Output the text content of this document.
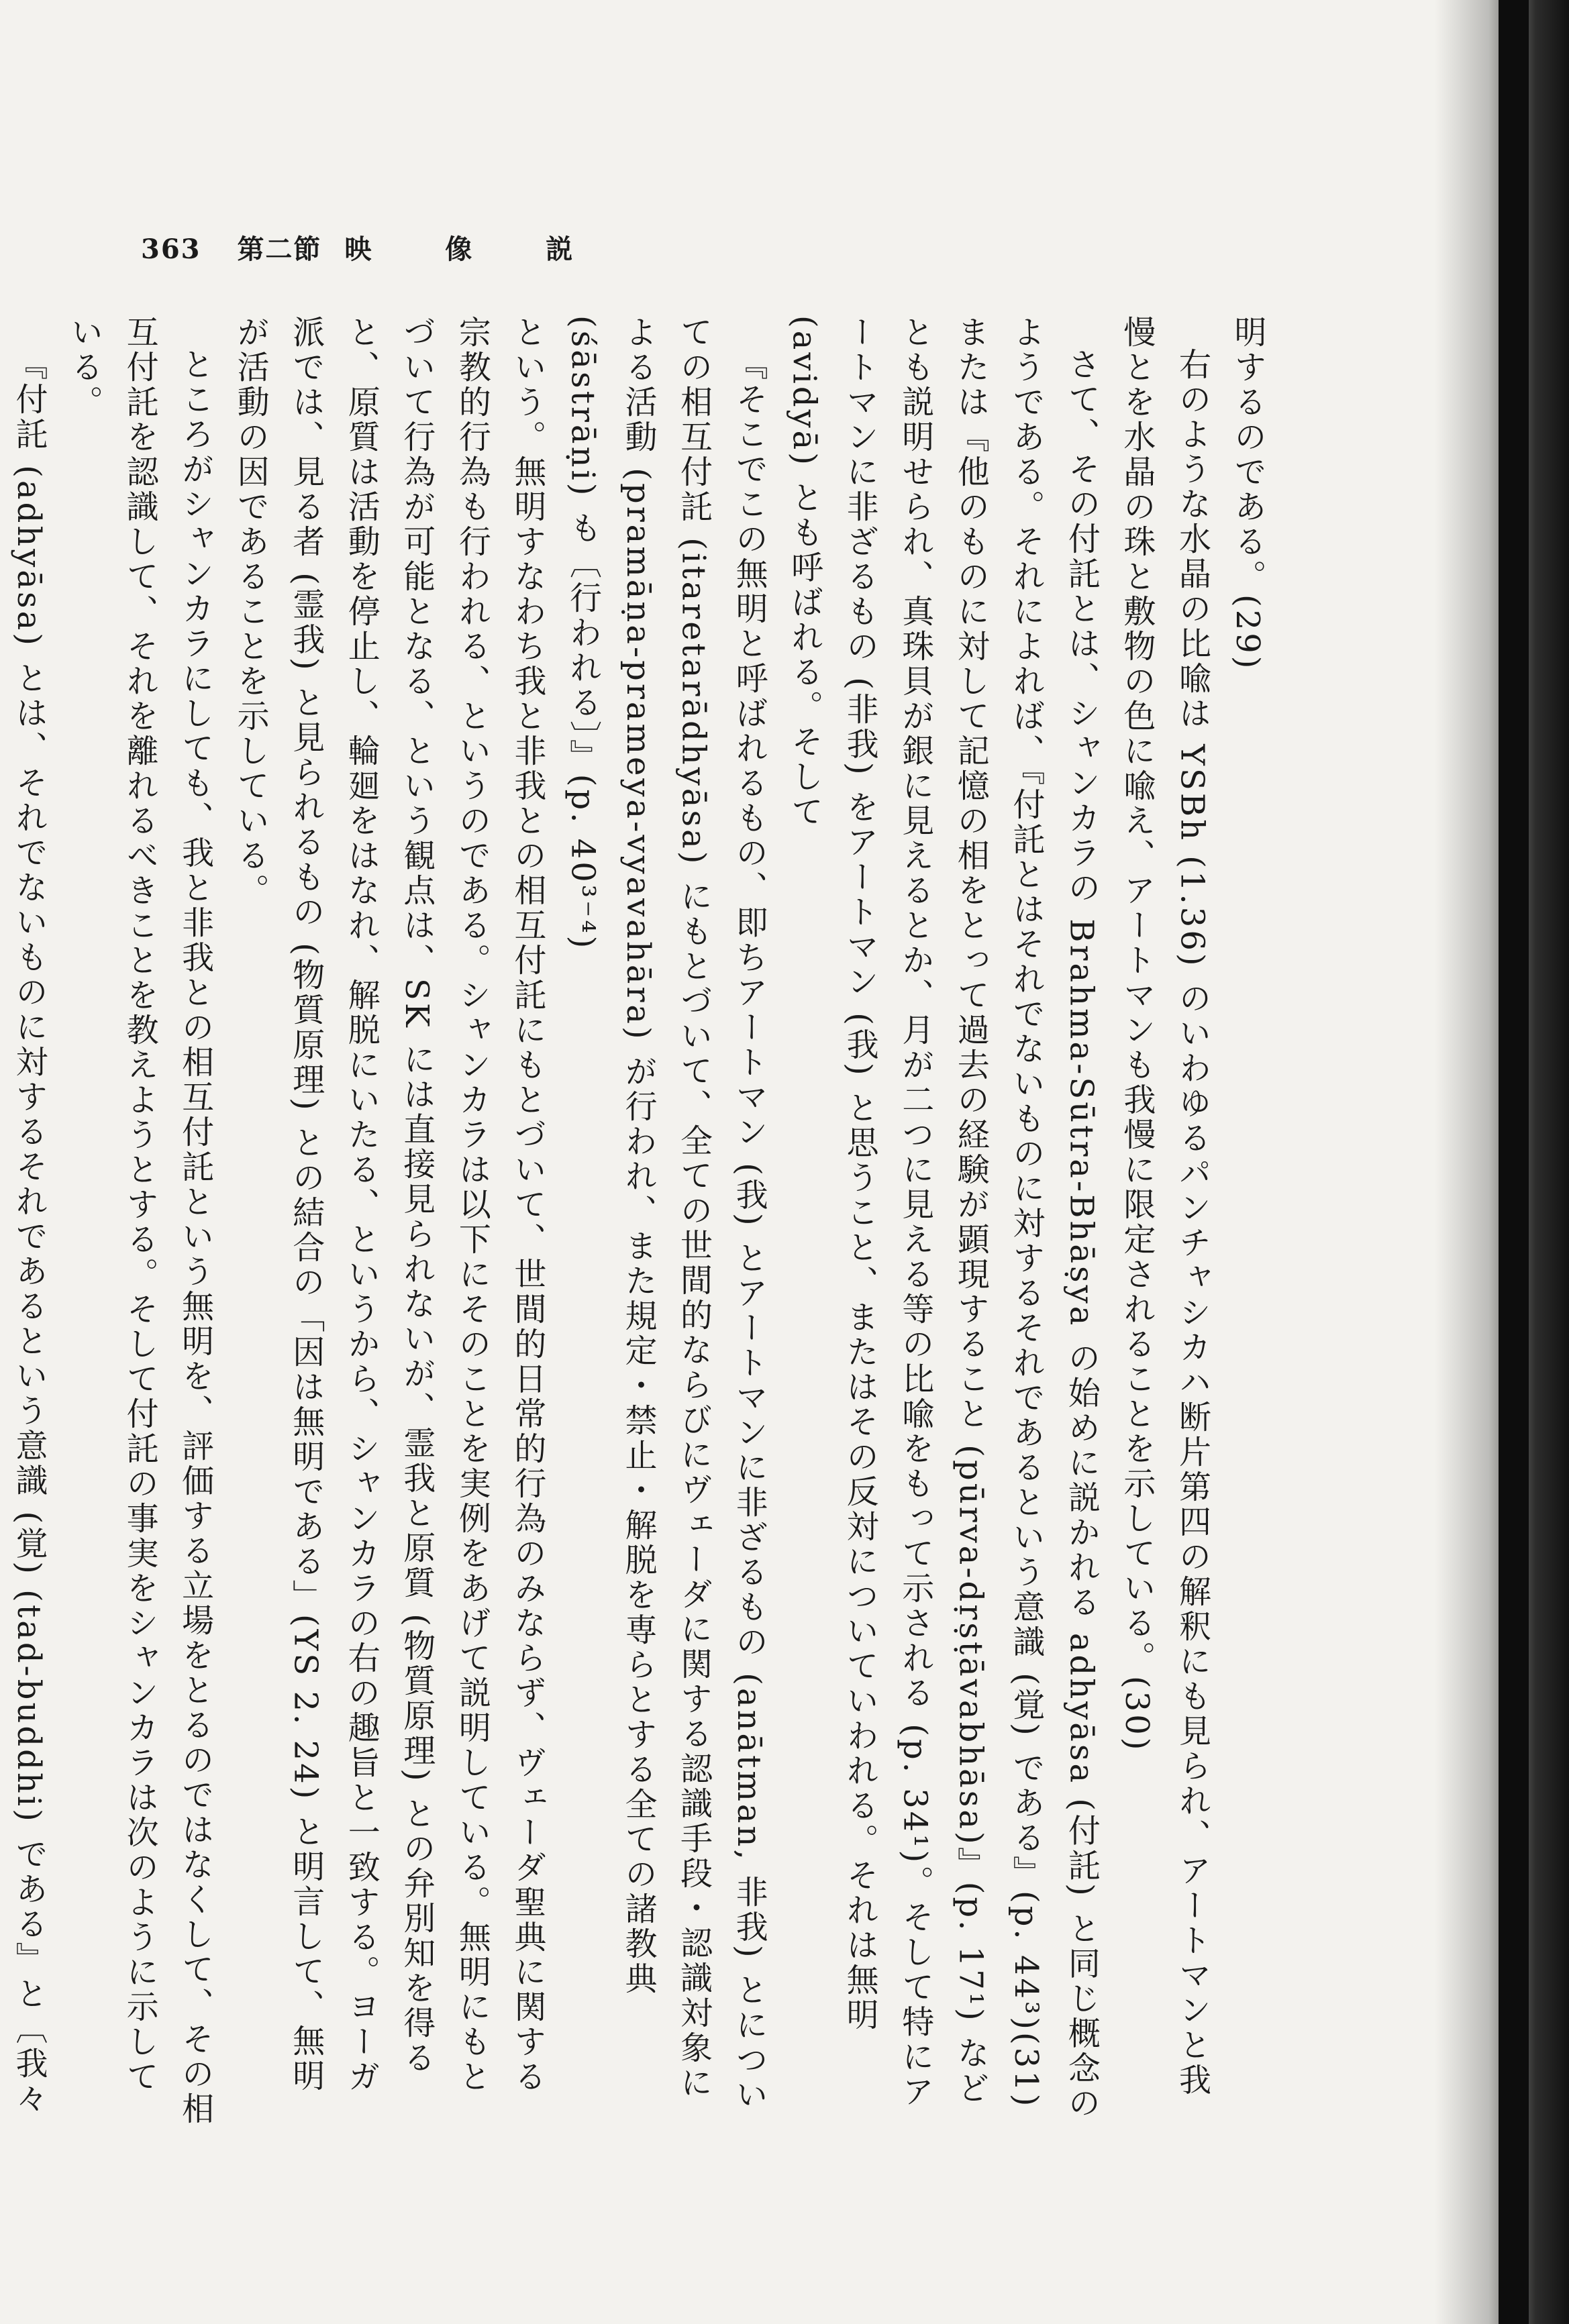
363 第二節 映 像 説

明するのである。(29)

右のような水晶の比喩は YSBh (1.36) のいわゆるパンチャシカハ断片第四の解釈にも見られ、アートマンと我慢とを水晶の珠と敷物の色に喩え、アートマンも我慢に限定されることを示している。(30)

さて、その付託とは、シャンカラの Brahma-Sūtra-Bhāṣya の始めに説かれる adhyāsa (付託) と同じ概念のようである。それによれば、『付託とはそれでないものに対するそれであるという意識 (覚) である』(p. 44³)(31) または『他のものに対して記憶の相をとって過去の経験が顕現すること (pūrva-dṛṣṭāvabhāsa)』(p. 17¹) などとも説明せられ、真珠貝が銀に見えるとか、月が二つに見える等の比喩をもって示される (p. 34¹)。そして特にアートマンに非ざるもの (非我) をアートマン (我) と思うこと、またはその反対についていわれる。それは無明 (avidyā) とも呼ばれる。そして

『そこでこの無明と呼ばれるもの、即ちアートマン (我) とアートマンに非ざるもの (anātman, 非我) とについての相互付託 (itaretarādhyāsa) にもとづいて、全ての世間的ならびにヴェーダに関する認識手段・認識対象による活動 (pramāṇa-prameya-vyavahāra) が行われ、また規定・禁止・解脱を専らとする全ての諸教典 (śāstrāṇi) も〔行われる〕』(p. 40³⁻⁴)

という。無明すなわち我と非我との相互付託にもとづいて、世間的日常的行為のみならず、ヴェーダ聖典に関する宗教的行為も行われる、というのである。シャンカラは以下にそのことを実例をあげて説明している。無明にもとづいて行為が可能となる、という観点は、SK には直接見られないが、霊我と原質 (物質原理) との弁別知を得ると、原質は活動を停止し、輪廻をはなれ、解脱にいたる、というから、シャンカラの右の趣旨と一致する。ヨーガ派では、見る者 (霊我) と見られるもの (物質原理) との結合の「因は無明である」(YS 2. 24) と明言して、無明が活動の因であることを示している。

ところがシャンカラにしても、我と非我との相互付託という無明を、評価する立場をとるのではなくして、その相互付託を認識して、それを離れるべきことを教えようとする。そして付託の事実をシャンカラは次のように示している。

『付託 (adhyāsa) とは、それでないものに対するそれであるという意識 (覚) (tad-buddhi) である』と〔我々
